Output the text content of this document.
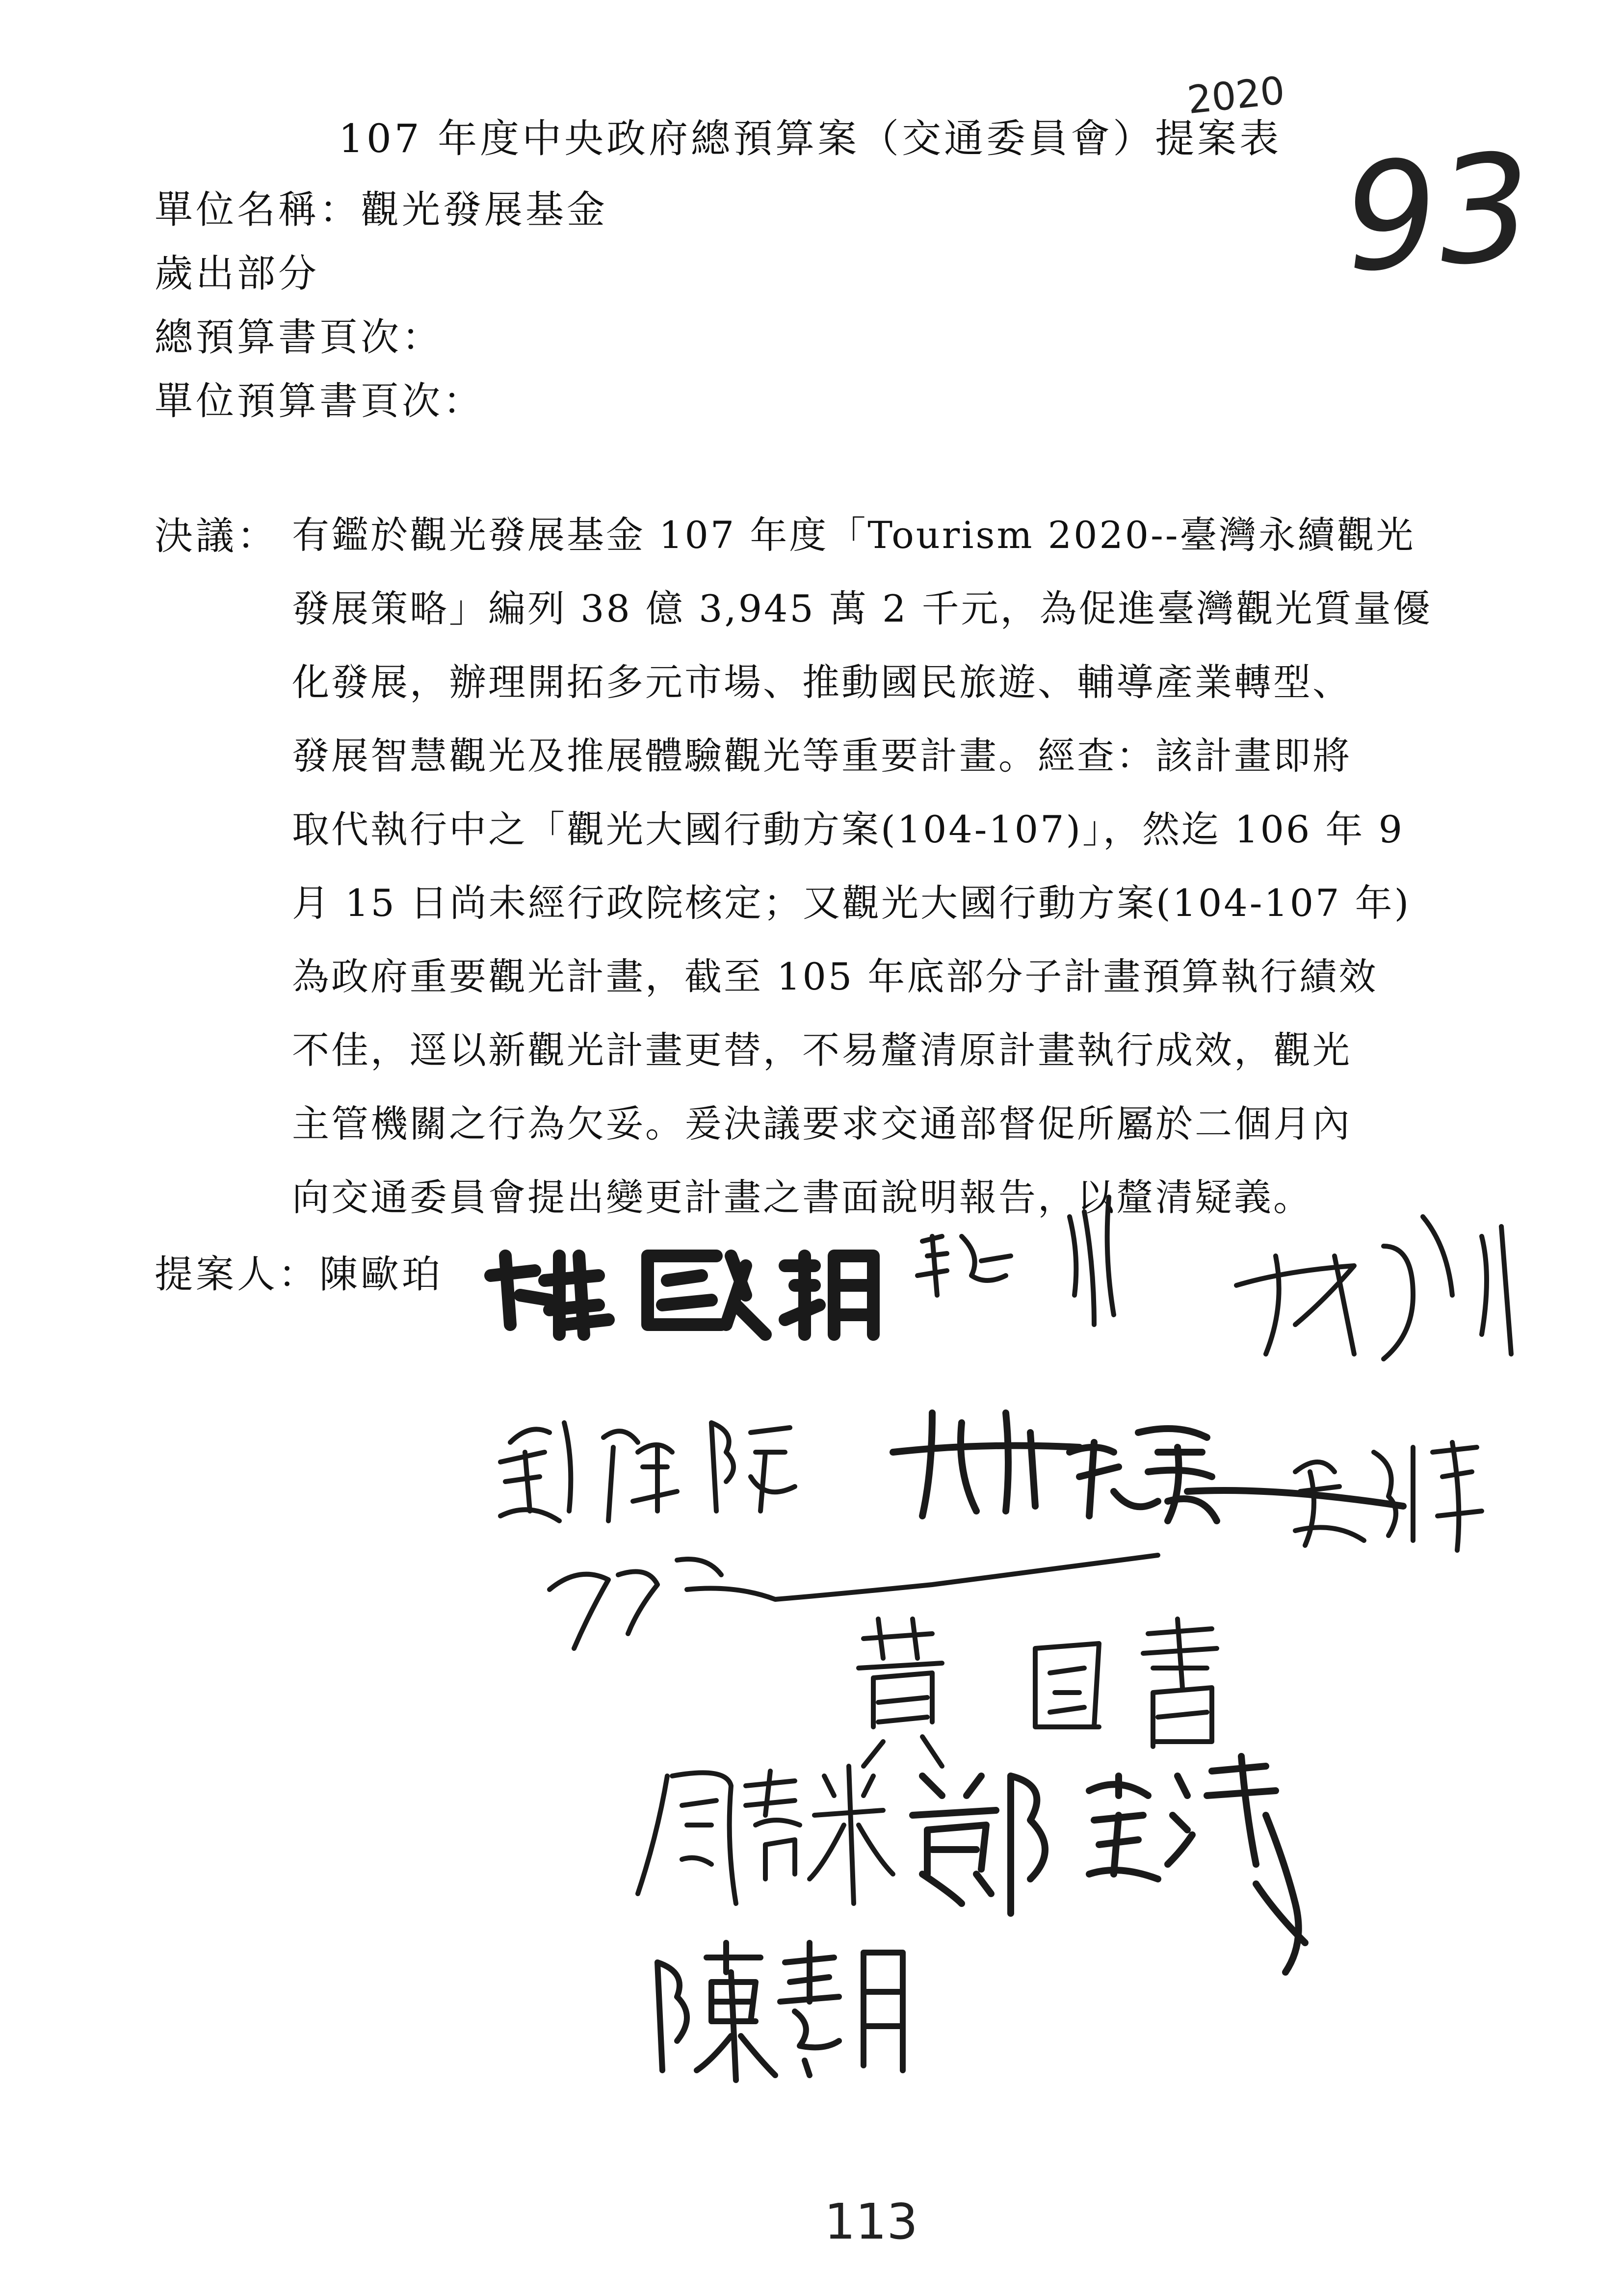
107 年度中央政府總預算案（交通委員會）提案表
單位名稱：觀光發展基金
歲出部分
總預算書頁次：
單位預算書頁次：
決議： 有鑑於觀光發展基金 107 年度「Tourism 2020--臺灣永續觀光
發展策略」編列 38 億 3,945 萬 2 千元，為促進臺灣觀光質量優
化發展，辦理開拓多元市場、推動國民旅遊、輔導產業轉型、
發展智慧觀光及推展體驗觀光等重要計畫。經查：該計畫即將
取代執行中之「觀光大國行動方案(104-107)」，然迄 106 年 9
月 15 日尚未經行政院核定；又觀光大國行動方案(104-107 年)
為政府重要觀光計畫，截至 105 年底部分子計畫預算執行績效
不佳，逕以新觀光計畫更替，不易釐清原計畫執行成效，觀光
主管機關之行為欠妥。爰決議要求交通部督促所屬於二個月內
向交通委員會提出變更計畫之書面說明報告，以釐清疑義。
提案人：陳歐珀
2020
93
113
